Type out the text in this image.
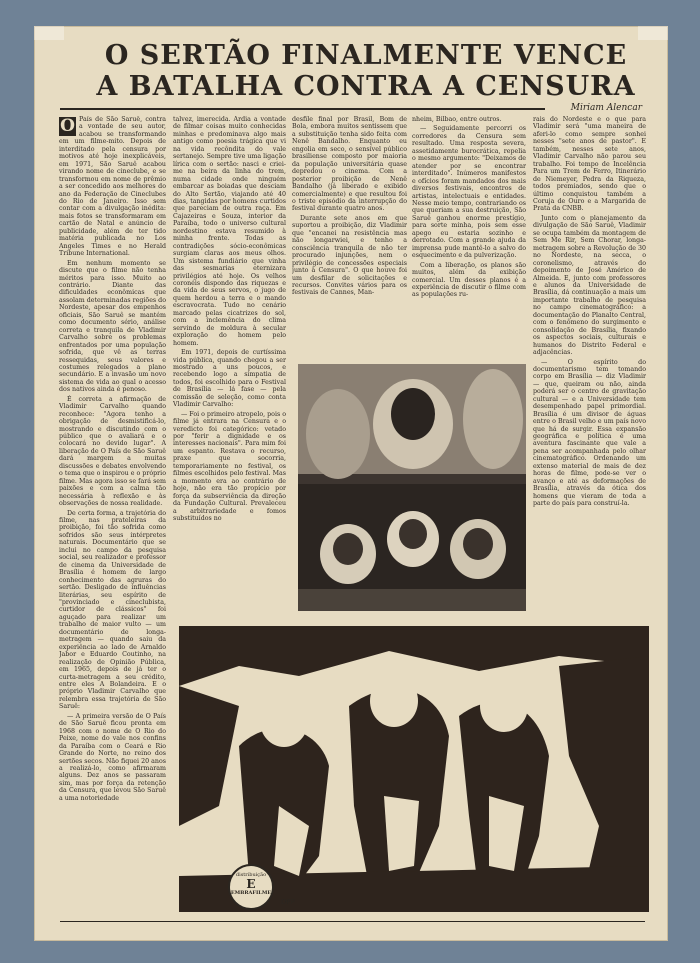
O SERTÃO FINALMENTE VENCE
A BATALHA CONTRA A CENSURA
Miriam Alencar

O País de São Saruê, contra a vontade de seu autor, acabou se transformando em um filme-mito. Depois de interditado pela censura por motivos até hoje inexplicáveis, em 1971, São Saruê acabou virando nome de cineclube, e se transformou em nome de prêmio a ser concedido aos melhores do ano da Federação de Cineclubes do Rio de Janeiro. Isso sem contar com a divulgação inédita: mais fotos se transformaram em cartão de Natal e anúncio de publicidade, além de ter tido matéria publicada no Los Angeles Times e no Herald Tribune International.

Em nenhum momento se discute que o filme não tenha méritos para isso. Muito ao contrário. Diante das dificuldades econômicas que assolam determinadas regiões do Nordeste, apesar dos empenhos oficiais, São Saruê se mantém como documento sério, análise correta e tranquila de Vladimir Carvalho sobre os problemas enfrentados por uma população sofrida, que vê as terras ressequidas, seus valores e costumes relegados a plano secundário. E a invasão um novo sistema de vida ao qual o acesso dos nativos ainda é penoso.

É correta a afirmação de Vladimir Carvalho quando reconhece: "Agora tenho a obrigação de desmistificá-lo, mostrando e discutindo com o público que o avaliará e o colocará no devido lugar". A liberação de O País de São Saruê dará margem a muitas discussões e debates envolvendo o tema que o inspirou e o próprio filme. Mas agora isso se fará sem paixões e com a calma tão necessária à reflexão e às observações de nossa realidade.

De certa forma, a trajetória do filme, nas prateleiras da proibição, foi tão sofrida como sofridos são seus intérpretes naturais. Documentário que se inclui no campo da pesquisa social, seu realizador e professor de cinema da Universidade de Brasília é homem de largo conhecimento das agruras do sertão. Desligado de influências literárias, seu espírito de "provinciado e cineclubista, curtidor de clássicos" foi aguçado para realizar um trabalho de maior vulto — um documentário de longa-metragem — quando saiu da experiência ao lado de Arnaldo Jabor e Eduardo Coutinho, na realização de Opinião Pública, em 1965, depois de já ter o curta-metragem a seu crédito, entre eles A Bolandeira. E o próprio Vladimir Carvalho que relembra essa trajetória de São Saruê:

— A primeira versão de O País de São Saruê ficou pronta em 1968 com o nome de O Rio do Peixe, nome do vale nos confins da Paraíba com o Ceará e Rio Grande do Norte, no reino dos sertões secos. Não fiquei 20 anos a realizá-lo, como afirmaram alguns. Dez anos se passaram sim, mas por força da retenção da Censura, que levou São Saruê a uma notoriedade

talvez, imerecida. Ardia a vontade de filmar coisas muito conhecidas minhas e predominava algo mais antigo como poesia trágica que vi na vida recôndita do vale sertanejo. Sempre tive uma ligação lírica com o sertão: nasci e criei-me na beira da linha do trem, numa cidade onde ninguém embarcar as boiadas que desciam do Alto Sertão, viajando até 40 dias, tangidas por homens curtidos que pareciam de outra raça. Em Cajazeiras e Souza, interior da Paraíba, todo o universo cultural nordestino estava resumido à minha frente. Todas as contradições sócio-econômicas surgiam claras aos meus olhos. Um sistema fundiário que vinha das sesmarias eternizara privilégios até hoje. Os velhos coronéis dispondo das riquezas e da vida de seus servos, o jugo de quem herdou a terra e o mando escravocrata. Tudo no cenário marcado pelas cicatrizes do sol, com a inclemência do clima servindo de moldura à secular exploração do homem pelo homem.

Em 1971, depois de curtíssima vida pública, quando chegou a ser mostrado a uns poucos, e recebendo logo a simpatia de todos, foi escolhido para o Festival de Brasília — lá fase — pela comissão de seleção, como conta Vladimir Carvalho:

— Foi o primeiro atropelo, pois o filme já entrara na Censura e o veredicto foi categórico: vetado por "ferir a dignidade e os interesses nacionais". Para mim foi um espanto. Restava o recurso, praxe que socorria, temporariamente no festival, os filmes escolhidos pelo festival. Mas a momento era ao contrário de hoje, não era tão propício por força da subserviência da direção da Fundação Cultural. Prevaleceu a arbitrariedade e fomos substituídos no

desfile final por Brasil, Bom de Bola, embora muitos sentissem que a substituição tenha sido feita com Nenê Bandalho. Enquanto eu engolia em seco, o sensível público brasiliense composto por maioria da população universitária quase depredou o cinema. Com a posterior proibição de Nenê Bandalho (já liberado e exibido comercialmente) e que resultou foi o triste episódio da interrupção do festival durante quatro anos.

Durante sete anos em que suportou a proibição, diz Vladimir que "encanei na resistência mas não longarwiei, e tenho a consciência tranquila de não ter procurado injunções, nem o privilégio de concessões especiais junto à Censura". O que houve foi um desfilar de solicitações e recursos. Convites vários para os festivais de Cannes, Man-

nheim, Bilbao, entre outros.

— Seguidamente percorri os corredores da Censura sem resultado. Uma resposta severa, assetidamente burocrática, repelia o mesmo argumento: "Deixamos de atender por se encontrar interditado". Inúmeros manifestos e ofícios foram mandados dos mais diversos festivais, encontros de artistas, intelectuais e entidades. Nesse meio tempo, contrariando os que queriam a sua destruição, São Saruê ganhou enorme prestígio, para sorte minha, pois sem esse apego eu estaria sozinho e derrotado. Com a grande ajuda da imprensa pude mantê-lo a salvo do esquecimento e da pulverização.

Com a liberação, os planos são muitos, além da exibição comercial. Um desses planos é a experiência de discutir o filme com as populações ru-

rais do Nordeste e o que para Vladimir será "uma maneira de aferi-lo como sempre sonhei nesses "sete anos de pastor". E também, nesses sete anos, Vladimir Carvalho não parou seu trabalho. Foi tempo de Incelência Para um Trem de Ferro, Itinerário de Niemeyer, Pedra da Riqueza, todos premiados, sendo que o último conquistou também a Coruja de Ouro e a Margarida de Prata da CNBB.

Junto com o planejamento da divulgação de São Saruê, Vladimir se ocupa também da montagem de Sem Me Rir, Sem Chorar, longa-metragem sobre a Revolução de 30 no Nordeste, na secca, o coronelismo, através do depoimento de José Américo de Almeida. E, junto com professores e alunos da Universidade de Brasília, dá continuação a mais um importante trabalho de pesquisa no campo cinematográfico: a documentação do Planalto Central, com o fenômeno do surgimento e consolidação de Brasília, fixando os aspectos sociais, culturais e humanos do Distrito Federal e adjacências.

— O espírito do documentarismo tem tomando corpo em Brasília — diz Vladimir — que, queiram ou não, ainda poderá ser o centro de gravitação cultural — e a Universidade tem desempenhado papel primordial. Brasília é um divisor de águas entre o Brasil velho e um país novo que há de surgir. Essa expansão geográfica e política é uma aventura fascinante que vale a pena ser acompanhada pelo olhar cinematográfico. Ordenando um extenso material de mais de dez horas de filme, pode-se ver o avanço e até as deformações de Brasília, através da ótica dos homens que vieram de toda a parte do país para construí-la.

distribuição
E
EMBRAFILME
DPP
